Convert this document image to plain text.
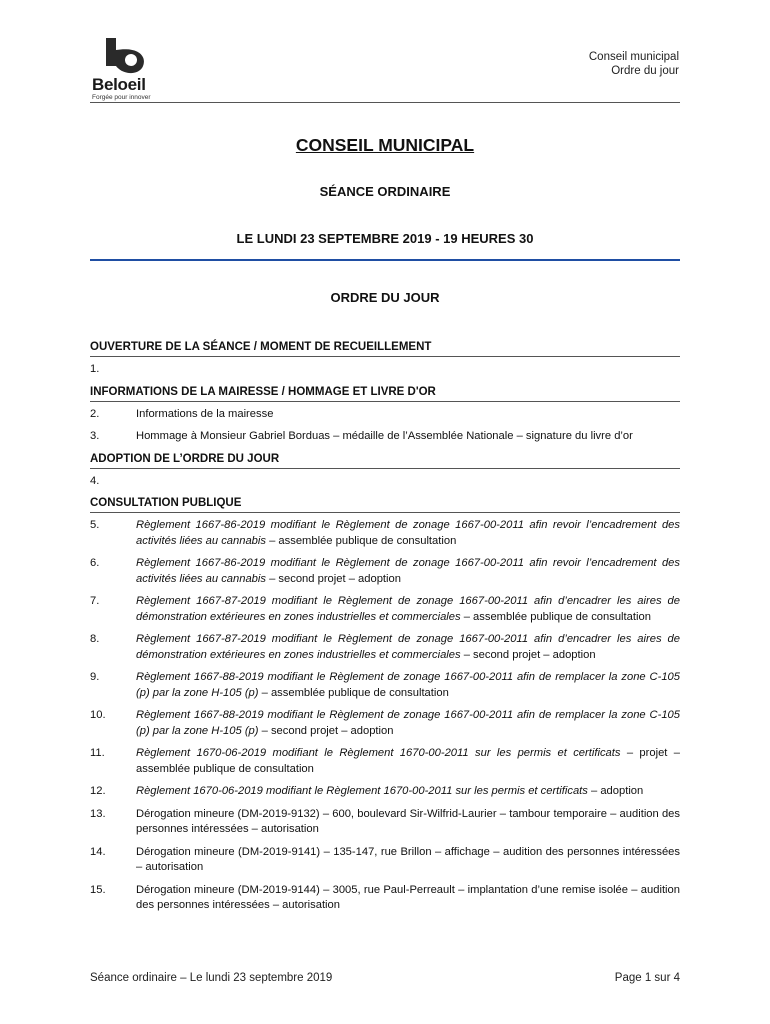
Beloeil
Forgée pour innover
Conseil municipal
Ordre du jour
CONSEIL MUNICIPAL
SÉANCE ORDINAIRE
LE LUNDI 23 SEPTEMBRE 2019 - 19 HEURES 30
ORDRE DU JOUR
OUVERTURE DE LA SÉANCE / MOMENT DE RECUEILLEMENT
1.
INFORMATIONS DE LA MAIRESSE / HOMMAGE ET LIVRE D'OR
2.	Informations de la mairesse
3.	Hommage à Monsieur Gabriel Borduas – médaille de l’Assemblée Nationale – signature du livre d’or
ADOPTION DE L’ORDRE DU JOUR
4.
CONSULTATION PUBLIQUE
5.	Règlement 1667-86-2019 modifiant le Règlement de zonage 1667-00-2011 afin revoir l’encadrement des activités liées au cannabis – assemblée publique de consultation
6.	Règlement 1667-86-2019 modifiant le Règlement de zonage 1667-00-2011 afin revoir l’encadrement des activités liées au cannabis – second projet – adoption
7.	Règlement 1667-87-2019 modifiant le Règlement de zonage 1667-00-2011 afin d’encadrer les aires de démonstration extérieures en zones industrielles et commerciales – assemblée publique de consultation
8.	Règlement 1667-87-2019 modifiant le Règlement de zonage 1667-00-2011 afin d’encadrer les aires de démonstration extérieures en zones industrielles et commerciales – second projet – adoption
9.	Règlement 1667-88-2019 modifiant le Règlement de zonage 1667-00-2011 afin de remplacer la zone C-105 (p) par la zone H-105 (p) – assemblée publique de consultation
10.	Règlement 1667-88-2019 modifiant le Règlement de zonage 1667-00-2011 afin de remplacer la zone C-105 (p) par la zone H-105 (p) – second projet – adoption
11.	Règlement 1670-06-2019 modifiant le Règlement 1670-00-2011 sur les permis et certificats – projet – assemblée publique de consultation
12.	Règlement 1670-06-2019 modifiant le Règlement 1670-00-2011 sur les permis et certificats – adoption
13.	Dérogation mineure (DM-2019-9132) – 600, boulevard Sir-Wilfrid-Laurier – tambour temporaire – audition des personnes intéressées – autorisation
14.	Dérogation mineure (DM-2019-9141) – 135-147, rue Brillon – affichage – audition des personnes intéressées – autorisation
15.	Dérogation mineure (DM-2019-9144) – 3005, rue Paul-Perreault – implantation d’une remise isolée – audition des personnes intéressées – autorisation
Séance ordinaire – Le lundi 23 septembre 2019	Page 1 sur 4
